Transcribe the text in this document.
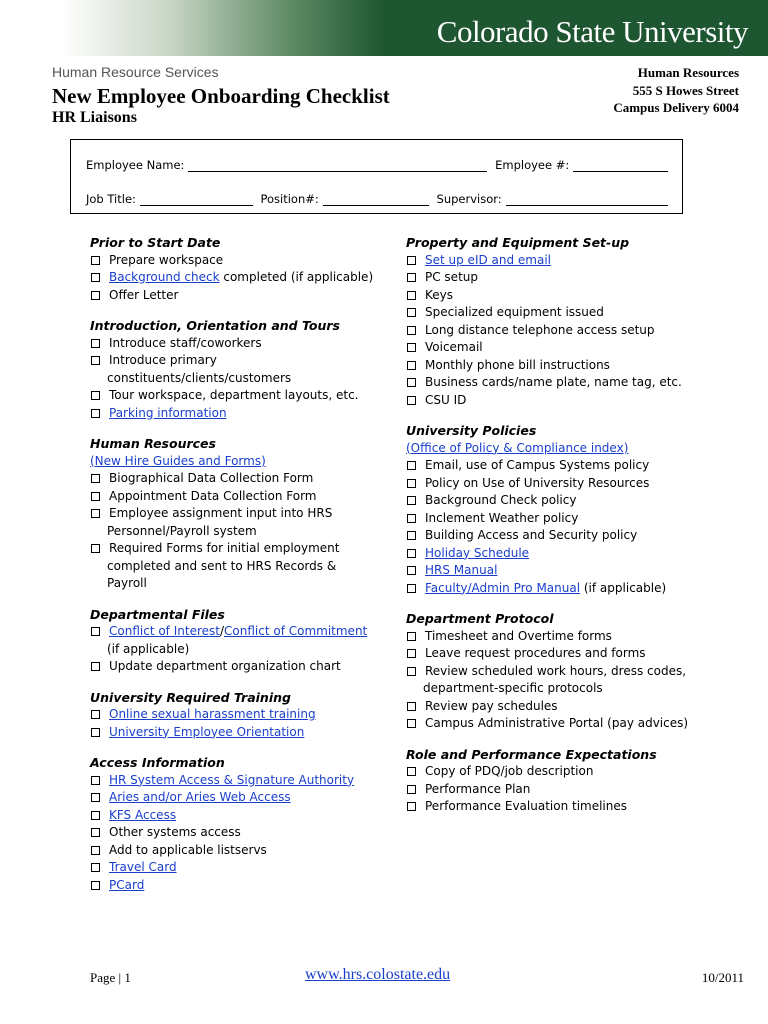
Colorado State University
Human Resource Services
New Employee Onboarding Checklist
HR Liaisons
Human Resources
555 S Howes Street
Campus Delivery 6004
Employee Name:	Employee #:
Job Title:	Position#:	Supervisor:
Prior to Start Date
Prepare workspace
Background check completed (if applicable)
Offer Letter
Introduction, Orientation and Tours
Introduce staff/coworkers
Introduce primary
constituents/clients/customers
Tour workspace, department layouts, etc.
Parking information
Human Resources
(New Hire Guides and Forms)
Biographical Data Collection Form
Appointment Data Collection Form
Employee assignment input into HRS
Personnel/Payroll system
Required Forms for initial employment
completed and sent to HRS Records &
Payroll
Departmental Files
Conflict of Interest/Conflict of Commitment
(if applicable)
Update department organization chart
University Required Training
Online sexual harassment training
University Employee Orientation
Access Information
HR System Access & Signature Authority
Aries and/or Aries Web Access
KFS Access
Other systems access
Add to applicable listservs
Travel Card
PCard
Property and Equipment Set-up
Set up eID and email
PC setup
Keys
Specialized equipment issued
Long distance telephone access setup
Voicemail
Monthly phone bill instructions
Business cards/name plate, name tag, etc.
CSU ID
University Policies
(Office of Policy & Compliance index)
Email, use of Campus Systems policy
Policy on Use of University Resources
Background Check policy
Inclement Weather policy
Building Access and Security policy
Holiday Schedule
HRS Manual
Faculty/Admin Pro Manual (if applicable)
Department Protocol
Timesheet and Overtime forms
Leave request procedures and forms
Review scheduled work hours, dress codes,
department-specific protocols
Review pay schedules
Campus Administrative Portal (pay advices)
Role and Performance Expectations
Copy of PDQ/job description
Performance Plan
Performance Evaluation timelines
Page | 1	www.hrs.colostate.edu	10/2011
